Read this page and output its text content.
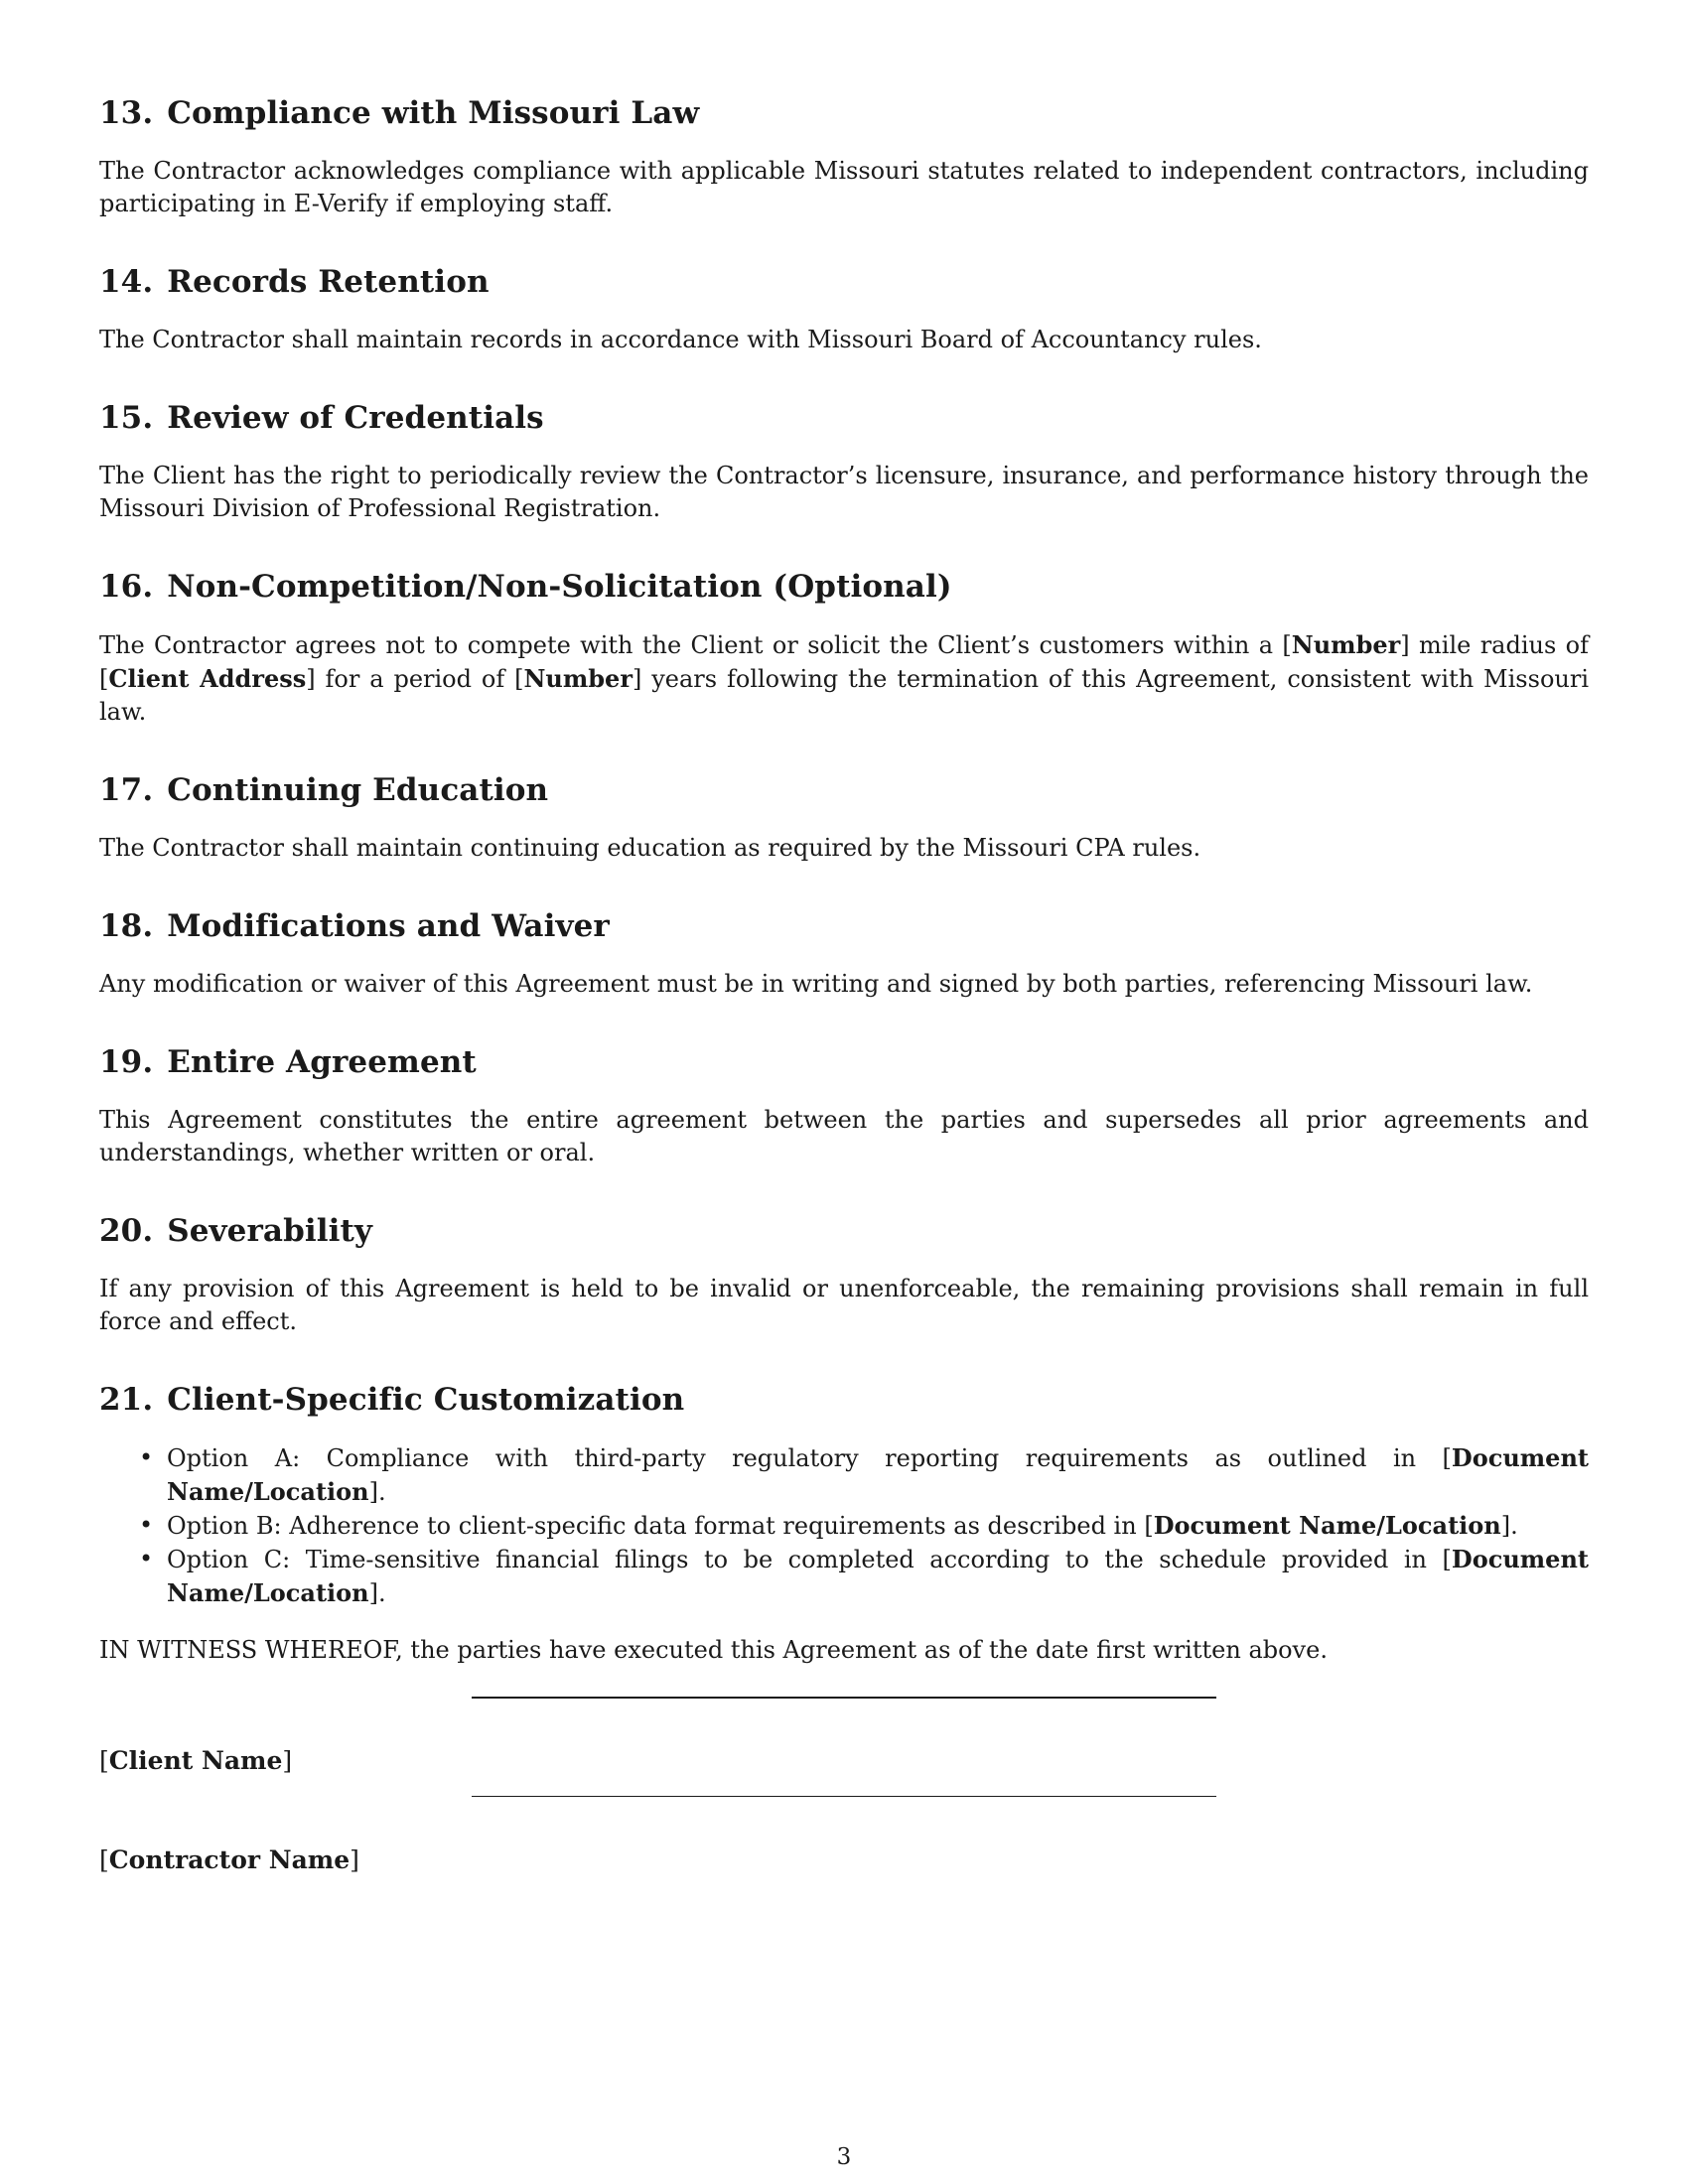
13. Compliance with Missouri Law

The Contractor acknowledges compliance with applicable Missouri statutes related to independent contractors, including participating in E-Verify if employing staff.

14. Records Retention

The Contractor shall maintain records in accordance with Missouri Board of Accountancy rules.

15. Review of Credentials

The Client has the right to periodically review the Contractor’s licensure, insurance, and performance history through the Missouri Division of Professional Registration.

16. Non-Competition/Non-Solicitation (Optional)

The Contractor agrees not to compete with the Client or solicit the Client’s customers within a [Number] mile radius of [Client Address] for a period of [Number] years following the termination of this Agreement, consistent with Missouri law.

17. Continuing Education

The Contractor shall maintain continuing education as required by the Missouri CPA rules.

18. Modifications and Waiver

Any modification or waiver of this Agreement must be in writing and signed by both parties, referencing Missouri law.

19. Entire Agreement

This Agreement constitutes the entire agreement between the parties and supersedes all prior agreements and understandings, whether written or oral.

20. Severability

If any provision of this Agreement is held to be invalid or unenforceable, the remaining provisions shall remain in full force and effect.

21. Client-Specific Customization
• Option A: Compliance with third-party regulatory reporting requirements as outlined in [Document Name/Location].
• Option B: Adherence to client-specific data format requirements as described in [Document Name/Location].
• Option C: Time-sensitive financial filings to be completed according to the schedule provided in [Document Name/Location].
IN WITNESS WHEREOF, the parties have executed this Agreement as of the date first written above.
[Client Name]
[Contractor Name]
3
